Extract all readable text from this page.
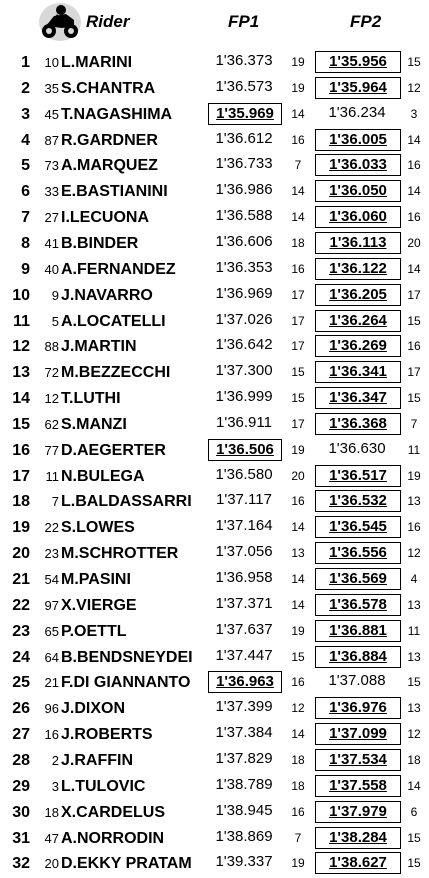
Rider	FP1	FP2
1	10 L.MARINI	1'36.373	19	1'35.956	15
2	35 S.CHANTRA	1'36.573	19	1'35.964	12
3	45 T.NAGASHIMA	1'35.969	14	1'36.234	3
4	87 R.GARDNER	1'36.612	16	1'36.005	14
5	73 A.MARQUEZ	1'36.733	7	1'36.033	16
6	33 E.BASTIANINI	1'36.986	14	1'36.050	14
7	27 I.LECUONA	1'36.588	14	1'36.060	16
8	41 B.BINDER	1'36.606	18	1'36.113	20
9	40 A.FERNANDEZ	1'36.353	16	1'36.122	14
10	9 J.NAVARRO	1'36.969	17	1'36.205	17
11	5 A.LOCATELLI	1'37.026	17	1'36.264	15
12	88 J.MARTIN	1'36.642	17	1'36.269	16
13	72 M.BEZZECCHI	1'37.300	15	1'36.341	17
14	12 T.LUTHI	1'36.999	15	1'36.347	15
15	62 S.MANZI	1'36.911	17	1'36.368	7
16	77 D.AEGERTER	1'36.506	19	1'36.630	11
17	11 N.BULEGA	1'36.580	20	1'36.517	19
18	7 L.BALDASSARRI	1'37.117	16	1'36.532	13
19	22 S.LOWES	1'37.164	14	1'36.545	16
20	23 M.SCHROTTER	1'37.056	13	1'36.556	12
21	54 M.PASINI	1'36.958	14	1'36.569	4
22	97 X.VIERGE	1'37.371	14	1'36.578	13
23	65 P.OETTL	1'37.637	19	1'36.881	11
24	64 B.BENDSNEYDEI	1'37.447	15	1'36.884	13
25	21 F.DI GIANNANTO	1'36.963	16	1'37.088	15
26	96 J.DIXON	1'37.399	12	1'36.976	13
27	16 J.ROBERTS	1'37.384	14	1'37.099	12
28	2 J.RAFFIN	1'37.829	18	1'37.534	18
29	3 L.TULOVIC	1'38.789	18	1'37.558	14
30	18 X.CARDELUS	1'38.945	16	1'37.979	6
31	47 A.NORRODIN	1'38.869	7	1'38.284	15
32	20 D.EKKY PRATAM	1'39.337	19	1'38.627	15
